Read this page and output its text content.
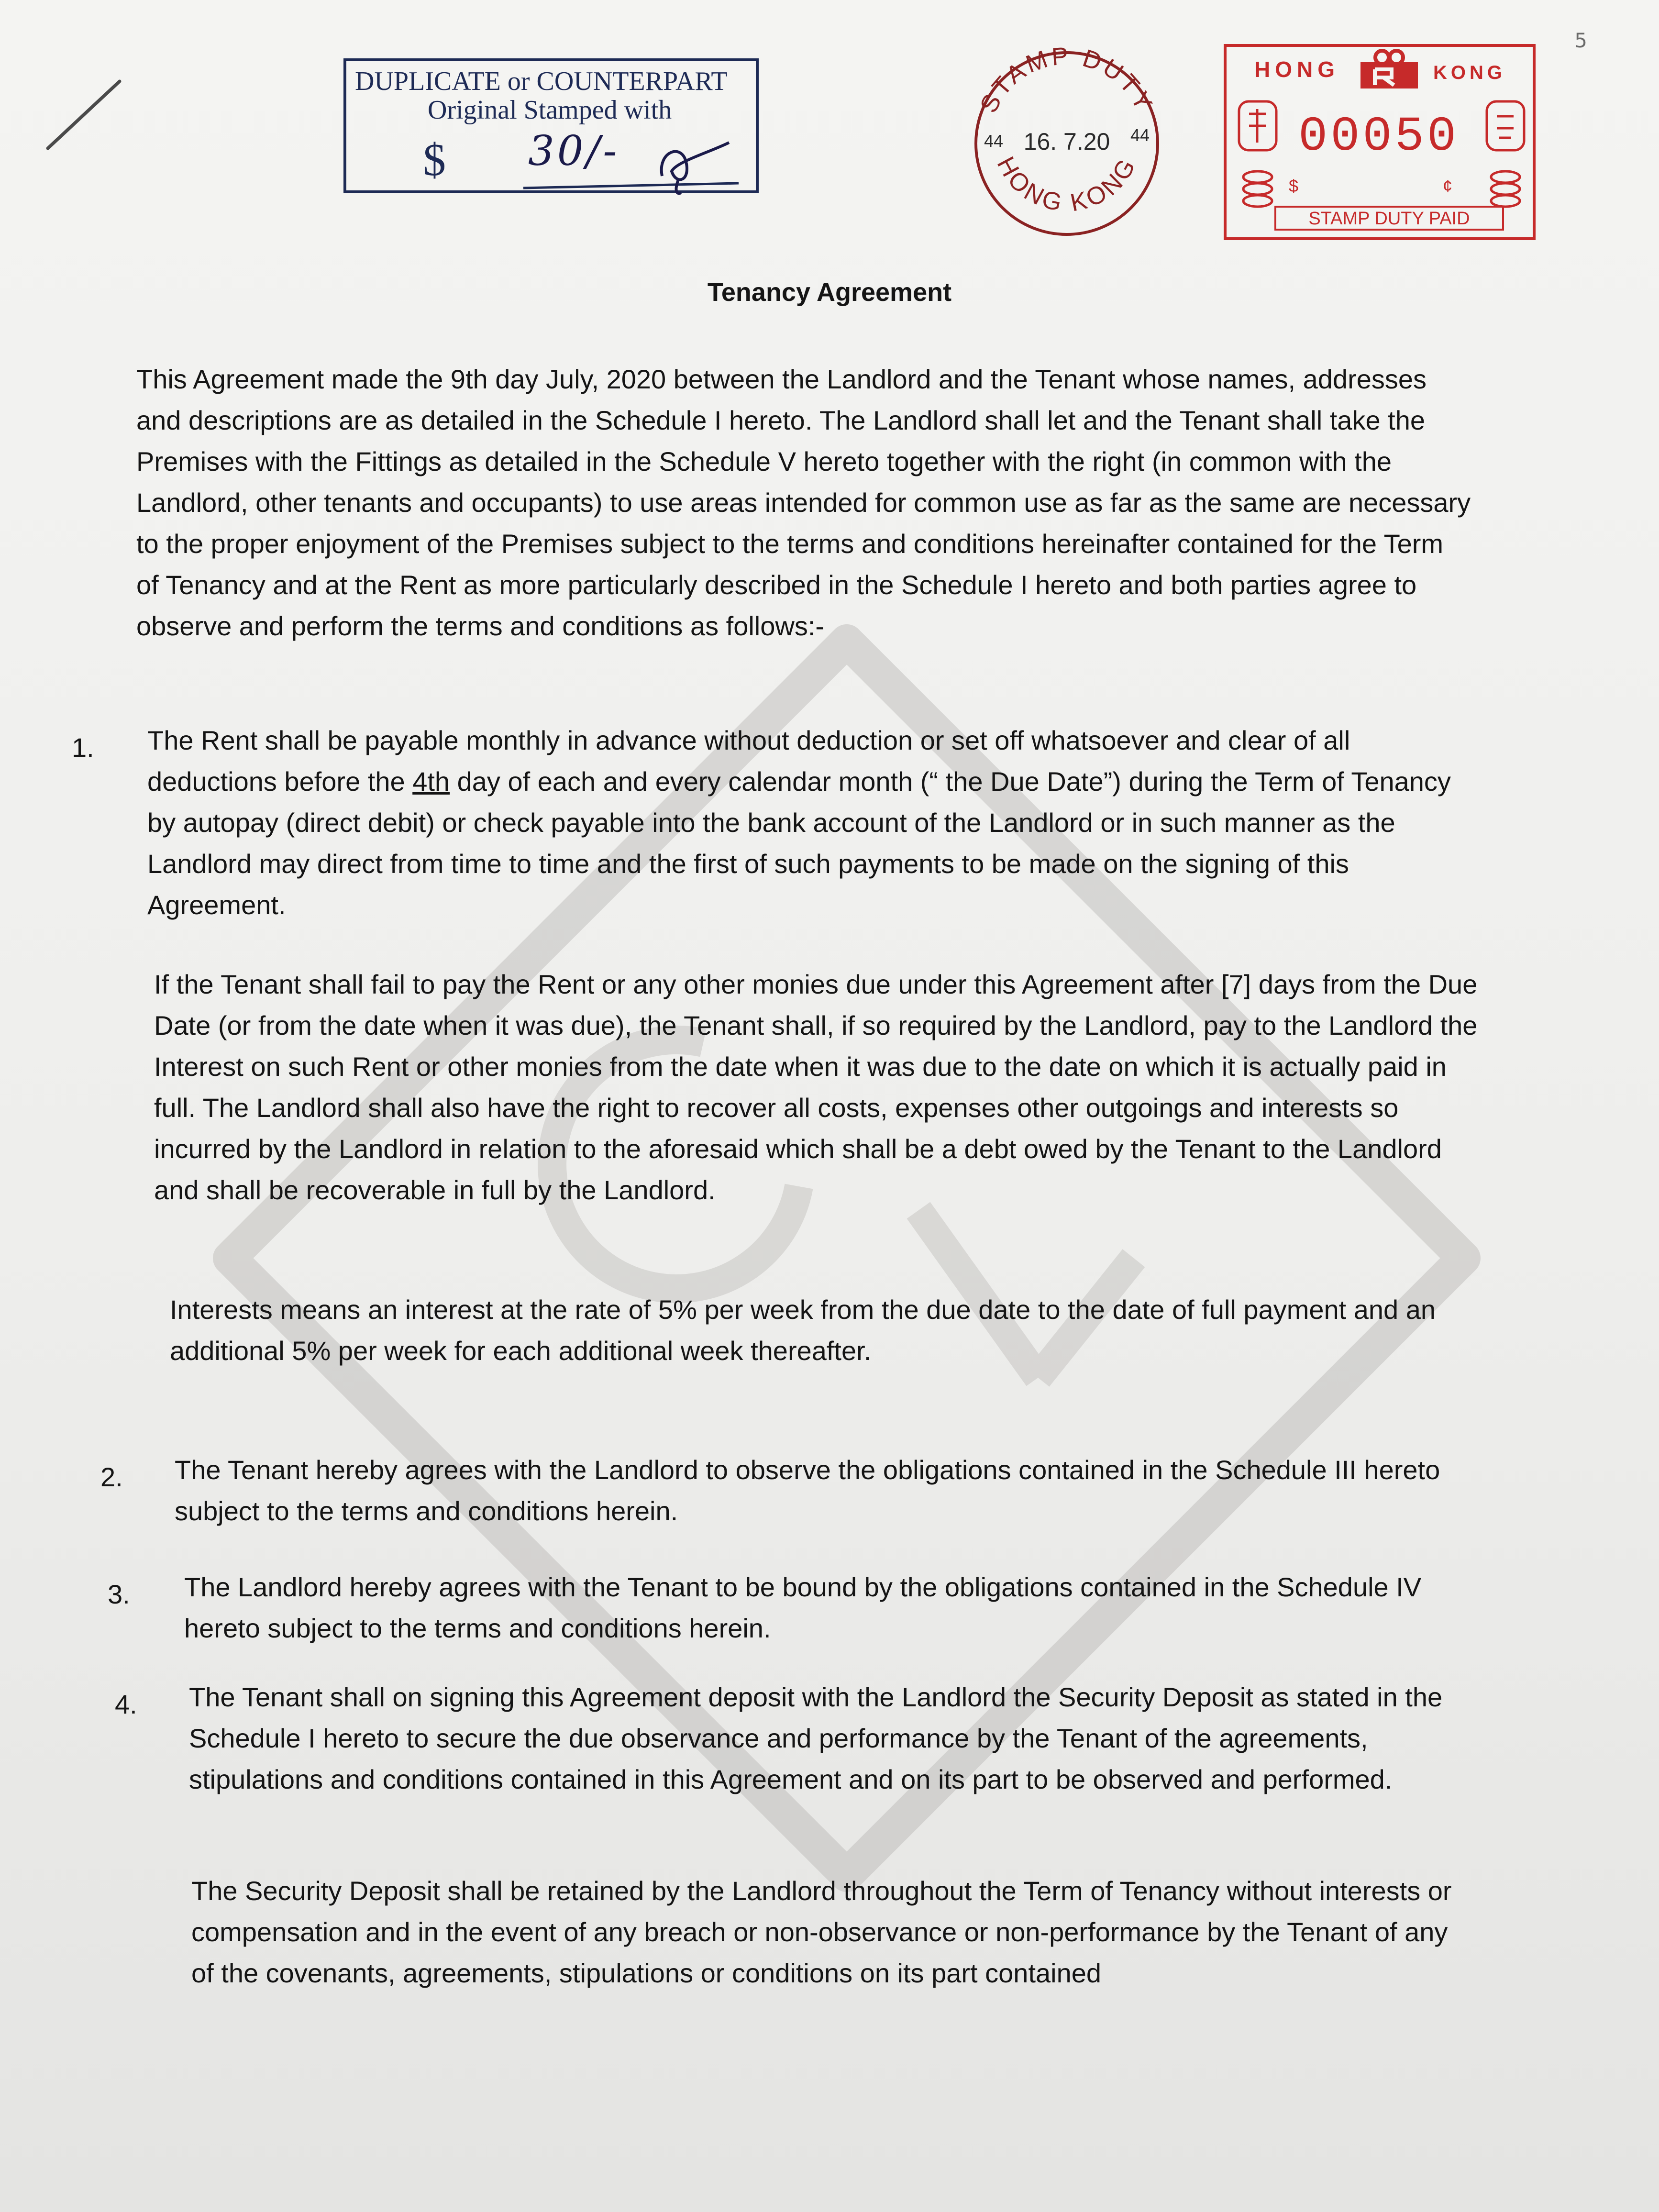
5
DUPLICATE or COUNTERPART
Original Stamped with
$ 30/-
STAMP DUTY
HONG KONG
16. 7.20
44	44
HONG	KONG
00050
$	¢
STAMP DUTY PAID
Tenancy Agreement

This Agreement made the 9th day July, 2020 between the Landlord and the Tenant whose names, addresses and descriptions are as detailed in the Schedule I hereto. The Landlord shall let and the Tenant shall take the Premises with the Fittings as detailed in the Schedule V hereto together with the right (in common with the Landlord, other tenants and occupants) to use areas intended for common use as far as the same are necessary to the proper enjoyment of the Premises subject to the terms and conditions hereinafter contained for the Term of Tenancy and at the Rent as more particularly described in the Schedule I hereto and both parties agree to observe and perform the terms and conditions as follows:-

1. The Rent shall be payable monthly in advance without deduction or set off whatsoever and clear of all deductions before the 4th day of each and every calendar month (“ the Due Date”) during the Term of Tenancy by autopay (direct debit) or check payable into the bank account of the Landlord or in such manner as the Landlord may direct from time to time and the first of such payments to be made on the signing of this Agreement.

If the Tenant shall fail to pay the Rent or any other monies due under this Agreement after [7] days from the Due Date (or from the date when it was due), the Tenant shall, if so required by the Landlord, pay to the Landlord the Interest on such Rent or other monies from the date when it was due to the date on which it is actually paid in full. The Landlord shall also have the right to recover all costs, expenses other outgoings and interests so incurred by the Landlord in relation to the aforesaid which shall be a debt owed by the Tenant to the Landlord and shall be recoverable in full by the Landlord.

Interests means an interest at the rate of 5% per week from the due date to the date of full payment and an additional 5% per week for each additional week thereafter.

2. The Tenant hereby agrees with the Landlord to observe the obligations contained in the Schedule III hereto subject to the terms and conditions herein.

3. The Landlord hereby agrees with the Tenant to be bound by the obligations contained in the Schedule IV hereto subject to the terms and conditions herein.

4. The Tenant shall on signing this Agreement deposit with the Landlord the Security Deposit as stated in the Schedule I hereto to secure the due observance and performance by the Tenant of the agreements, stipulations and conditions contained in this Agreement and on its part to be observed and performed.

The Security Deposit shall be retained by the Landlord throughout the Term of Tenancy without interests or compensation and in the event of any breach or non-observance or non-performance by the Tenant of any of the covenants, agreements, stipulations or conditions on its part contained
